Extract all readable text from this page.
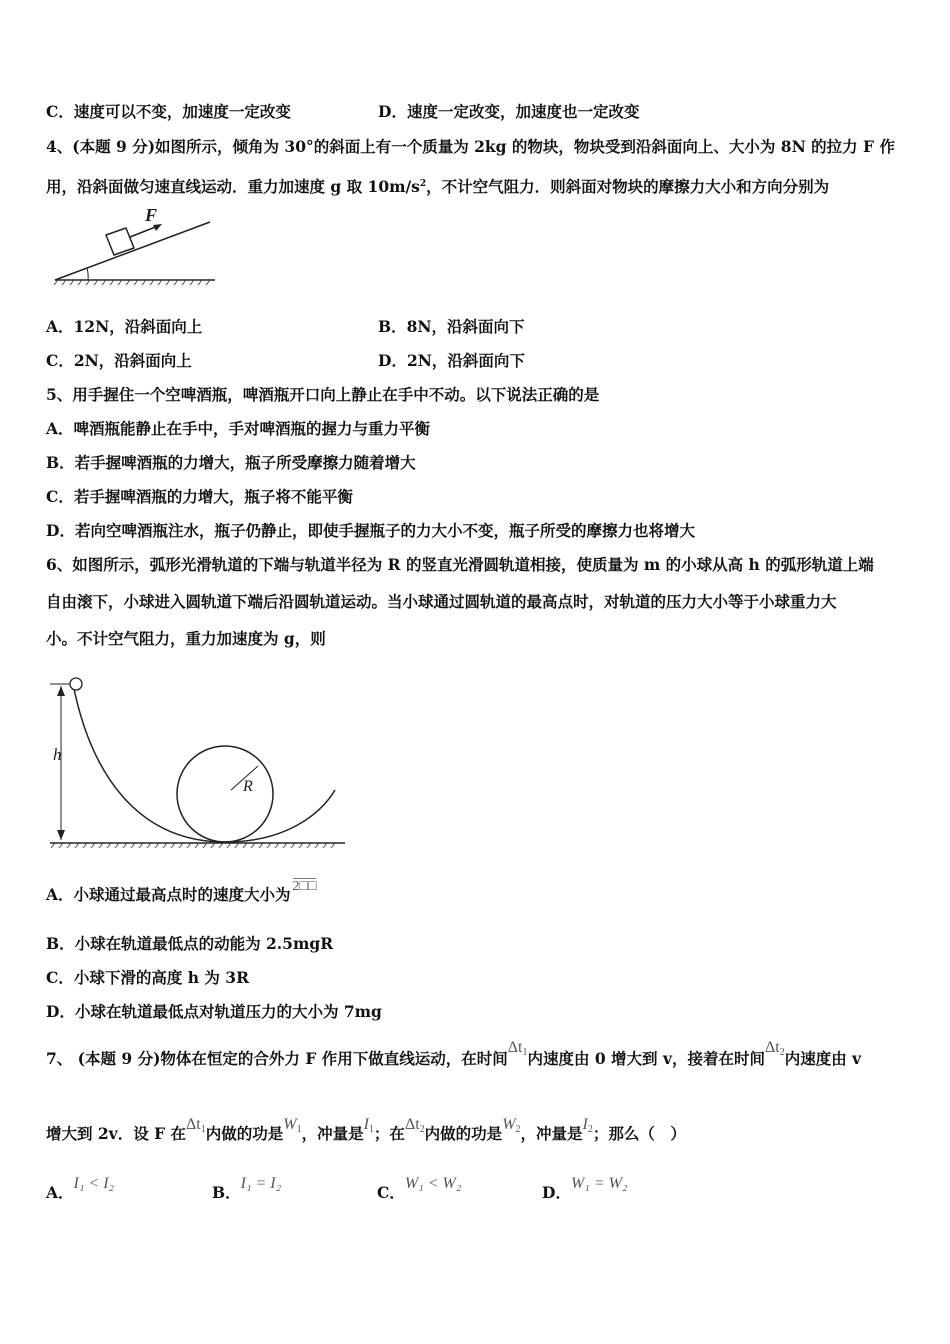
C．速度可以不变，加速度一定改变	D．速度一定改变，加速度也一定改变
4、(本题 9 分)如图所示，倾角为 30°的斜面上有一个质量为 2kg 的物块，物块受到沿斜面向上、大小为 8N 的拉力 F 作
用，沿斜面做匀速直线运动．重力加速度 g 取 $10m/s^2$，不计空气阻力．则斜面对物块的摩擦力大小和方向分别为
F
A．12N，沿斜面向上	B．8N，沿斜面向下
C．2N，沿斜面向上	D．2N，沿斜面向下
5、用手握住一个空啤酒瓶，啤酒瓶开口向上静止在手中不动。以下说法正确的是
A．啤酒瓶能静止在手中，手对啤酒瓶的握力与重力平衡
B．若手握啤酒瓶的力增大，瓶子所受摩擦力随着增大
C．若手握啤酒瓶的力增大，瓶子将不能平衡
D．若向空啤酒瓶注水，瓶子仍静止，即使手握瓶子的力大小不变，瓶子所受的摩擦力也将增大
6、如图所示，弧形光滑轨道的下端与轨道半径为 R 的竖直光滑圆轨道相接，使质量为 m 的小球从高 h 的弧形轨道上端
自由滚下，小球进入圆轨道下端后沿圆轨道运动。当小球通过圆轨道的最高点时，对轨道的压力大小等于小球重力大
小。不计空气阻力，重力加速度为 g，则
h
R
A．小球通过最高点时的速度大小为 2□□
B．小球在轨道最低点的动能为 2.5mgR
C．小球下滑的高度 h 为 3R
D．小球在轨道最低点对轨道压力的大小为 7mg
7、 (本题 9 分)物体在恒定的合外力 F 作用下做直线运动，在时间$\Delta t_1$内速度由 0 增大到 v，接着在时间$\Delta t_2$内速度由 v
增大到 2v．设 F 在$\Delta t_1$内做的功是$W_1$，冲量是$I_1$；在$\Delta t_2$内做的功是$W_2$，冲量是$I_2$；那么（　）
A．I₁ < I₂	B．I₁ = I₂	C．W₁ < W₂	D．W₁ = W₂
